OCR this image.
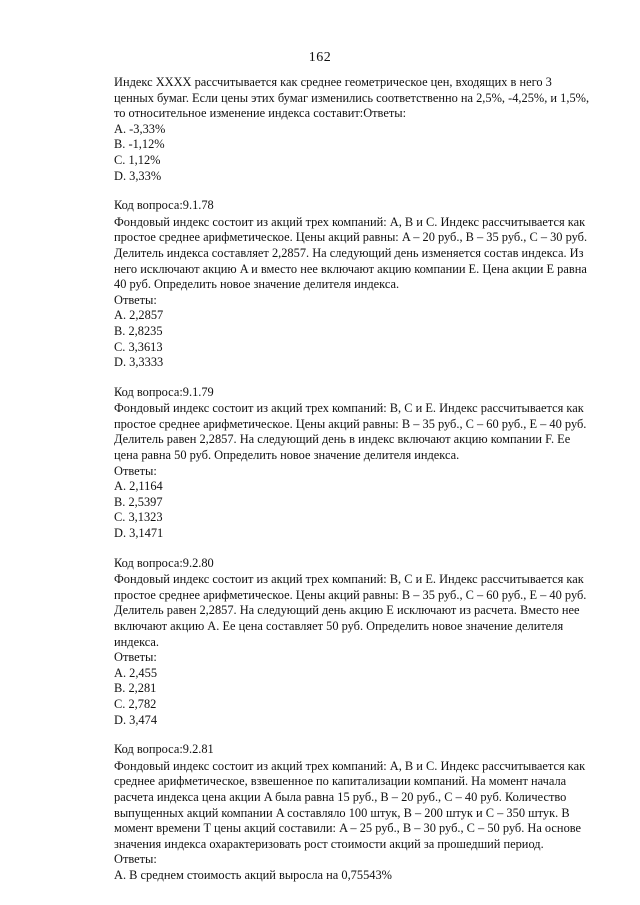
162
Индекс XXXX рассчитывается как среднее геометрическое цен, входящих в него 3
ценных бумаг. Если цены этих бумаг изменились соответственно на 2,5%, -4,25%, и 1,5%,
то относительное изменение индекса составит:Ответы:
A. -3,33%
B. -1,12%
C. 1,12%
D. 3,33%
Код вопроса:9.1.78
Фондовый индекс состоит из акций трех компаний: A, B и C. Индекс рассчитывается как
простое среднее арифметическое. Цены акций равны: A – 20 руб., B – 35 руб., C – 30 руб.
Делитель индекса составляет 2,2857. На следующий день изменяется состав индекса. Из
него исключают акцию A и вместо нее включают акцию компании E. Цена акции E равна
40 руб. Определить новое значение делителя индекса.
Ответы:
A. 2,2857
B. 2,8235
C. 3,3613
D. 3,3333
Код вопроса:9.1.79
Фондовый индекс состоит из акций трех компаний: B, C и E. Индекс рассчитывается как
простое среднее арифметическое. Цены акций равны: B – 35 руб., C – 60 руб., E – 40 руб.
Делитель равен 2,2857. На следующий день в индекс включают акцию компании F. Ее
цена равна 50 руб. Определить новое значение делителя индекса.
Ответы:
A. 2,1164
B. 2,5397
C. 3,1323
D. 3,1471
Код вопроса:9.2.80
Фондовый индекс состоит из акций трех компаний: B, C и E. Индекс рассчитывается как
простое среднее арифметическое. Цены акций равны: B – 35 руб., C – 60 руб., E – 40 руб.
Делитель равен 2,2857. На следующий день акцию E исключают из расчета. Вместо нее
включают акцию A. Ее цена составляет 50 руб. Определить новое значение делителя
индекса.
Ответы:
A. 2,455
B. 2,281
C. 2,782
D. 3,474
Код вопроса:9.2.81
Фондовый индекс состоит из акций трех компаний: A, B и C. Индекс рассчитывается как
среднее арифметическое, взвешенное по капитализации компаний. На момент начала
расчета индекса цена акции A была равна 15 руб., B – 20 руб., C – 40 руб. Количество
выпущенных акций компании A составляло 100 штук, B – 200 штук и C – 350 штук. В
момент времени T цены акций составили: A – 25 руб., B – 30 руб., C – 50 руб. На основе
значения индекса охарактеризовать рост стоимости акций за прошедший период.
Ответы:
A. В среднем стоимость акций выросла на 0,75543%
